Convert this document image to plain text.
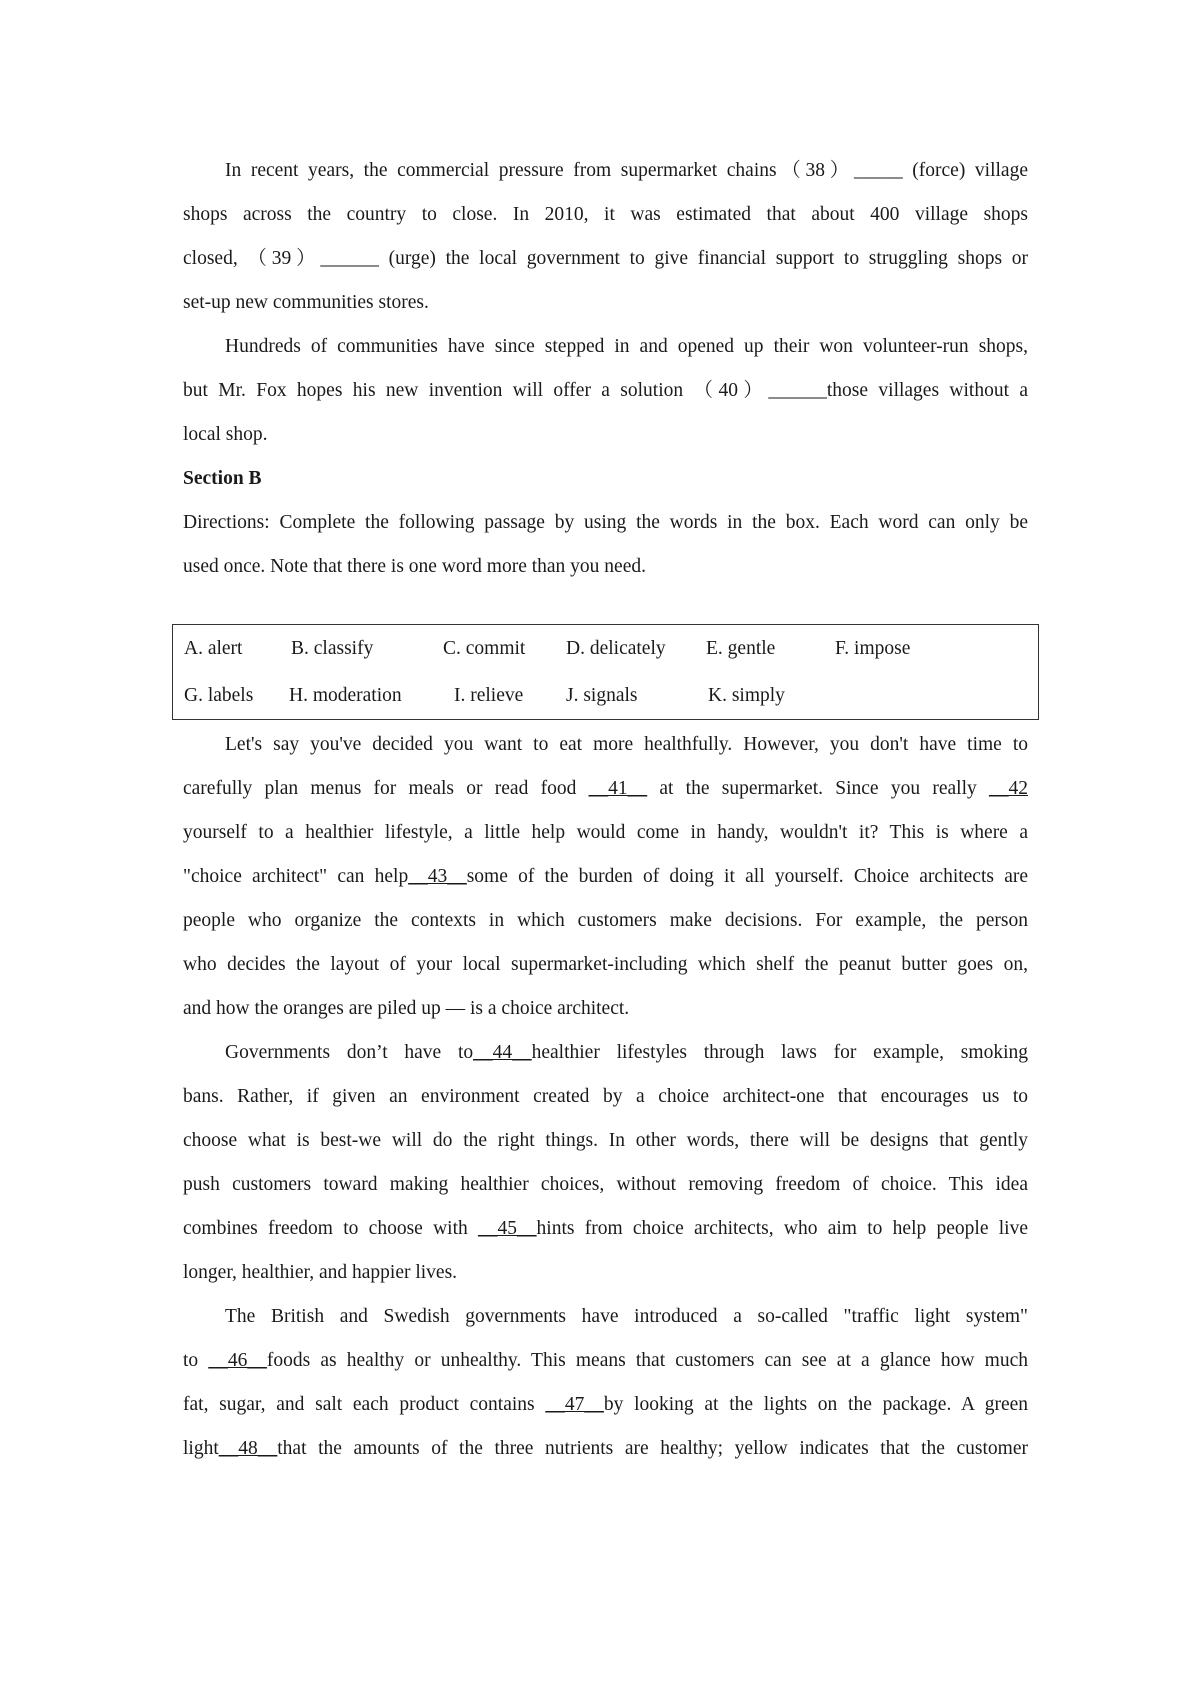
In recent years, the commercial pressure from supermarket chains（38）_____ (force) village
shops across the country to close. In 2010, it was estimated that about 400 village shops
closed, （39）______ (urge) the local government to give financial support to struggling shops or
set-up new communities stores.
Hundreds of communities have since stepped in and opened up their won volunteer-run shops,
but Mr. Fox hopes his new invention will offer a solution （40）______those villages without a
local shop.
Section B
Directions: Complete the following passage by using the words in the box. Each word can only be
used once. Note that there is one word more than you need.
A. alert B. classify	C. commit D. delicately E. gentle	F. impose
G. labels H. moderation	I. relieve J. signals	K. simply
Let's say you've decided you want to eat more healthfully. However, you don't have time to
carefully plan menus for meals or read food __41__ at the supermarket. Since you really __42
yourself to a healthier lifestyle, a little help would come in handy, wouldn't it? This is where a
"choice architect" can help__43__some of the burden of doing it all yourself. Choice architects are
people who organize the contexts in which customers make decisions. For example, the person
who decides the layout of your local supermarket-including which shelf the peanut butter goes on,
and how the oranges are piled up — is a choice architect.
Governments don’t have to__44__healthier lifestyles through laws for example, smoking
bans. Rather, if given an environment created by a choice architect-one that encourages us to
choose what is best-we will do the right things. In other words, there will be designs that gently
push customers toward making healthier choices, without removing freedom of choice. This idea
combines freedom to choose with __45__hints from choice architects, who aim to help people live
longer, healthier, and happier lives.
The British and Swedish governments have introduced a so-called "traffic light system"
to __46__foods as healthy or unhealthy. This means that customers can see at a glance how much
fat, sugar, and salt each product contains __47__by looking at the lights on the package. A green
light__48__that the amounts of the three nutrients are healthy; yellow indicates that the customer
